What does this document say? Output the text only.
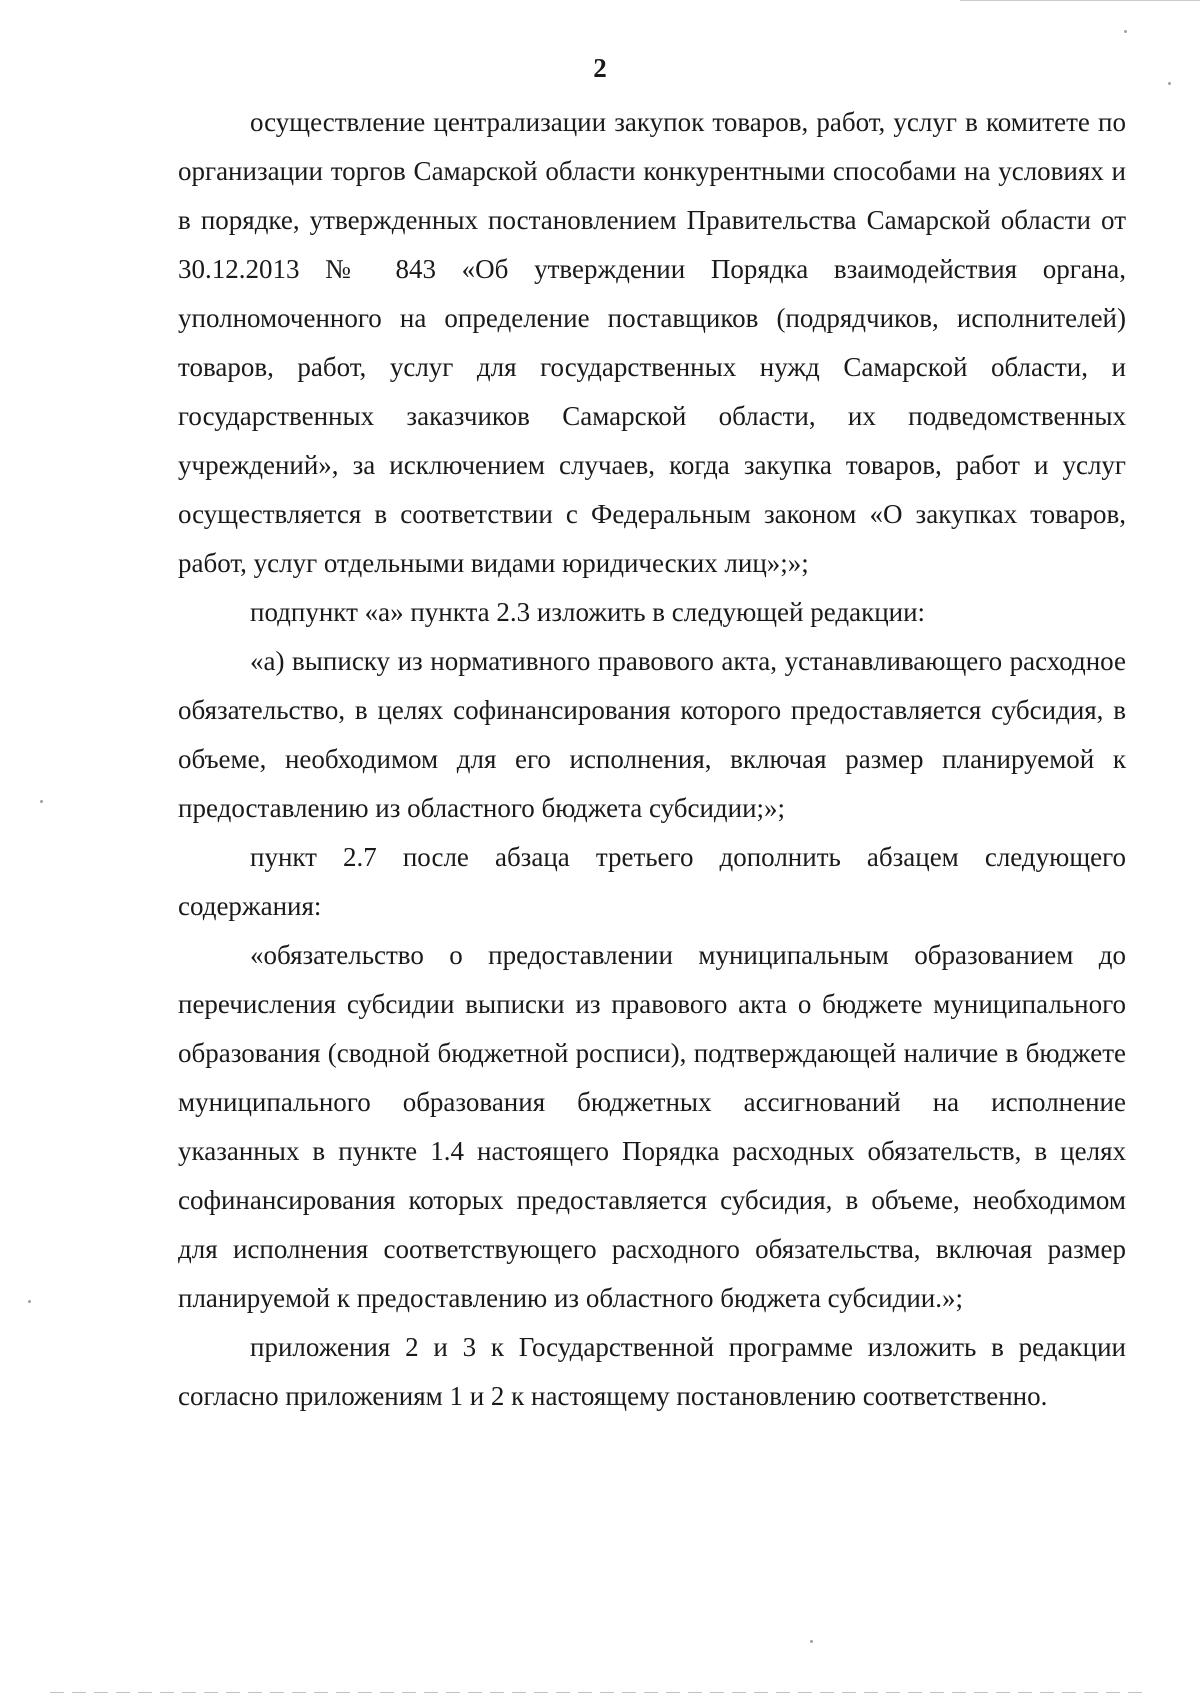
2

осуществление централизации закупок товаров, работ, услуг в комитете по организации торгов Самарской области конкурентными способами на условиях и в порядке, утвержденных постановлением Правительства Самарской области от 30.12.2013 № 843 «Об утверждении Порядка взаимодействия органа, уполномоченного на определение поставщиков (подрядчиков, исполнителей) товаров, работ, услуг для государственных нужд Самарской области, и государственных заказчиков Самарской области, их подведомственных учреждений», за исключением случаев, когда закупка товаров, работ и услуг осуществляется в соответствии с Федеральным законом «О закупках товаров, работ, услуг отдельными видами юридических лиц»;»;

подпункт «а» пункта 2.3 изложить в следующей редакции:

«а) выписку из нормативного правового акта, устанавливающего расходное обязательство, в целях софинансирования которого предоставляется субсидия, в объеме, необходимом для его исполнения, включая размер планируемой к предоставлению из областного бюджета субсидии;»;

пункт 2.7 после абзаца третьего дополнить абзацем следующего содержания:

«обязательство о предоставлении муниципальным образованием до перечисления субсидии выписки из правового акта о бюджете муниципального образования (сводной бюджетной росписи), подтверждающей наличие в бюджете муниципального образования бюджетных ассигнований на исполнение указанных в пункте 1.4 настоящего Порядка расходных обязательств, в целях софинансирования которых предоставляется субсидия, в объеме, необходимом для исполнения соответствующего расходного обязательства, включая размер планируемой к предоставлению из областного бюджета субсидии.»;

приложения 2 и 3 к Государственной программе изложить в редакции согласно приложениям 1 и 2 к настоящему постановлению соответственно.
